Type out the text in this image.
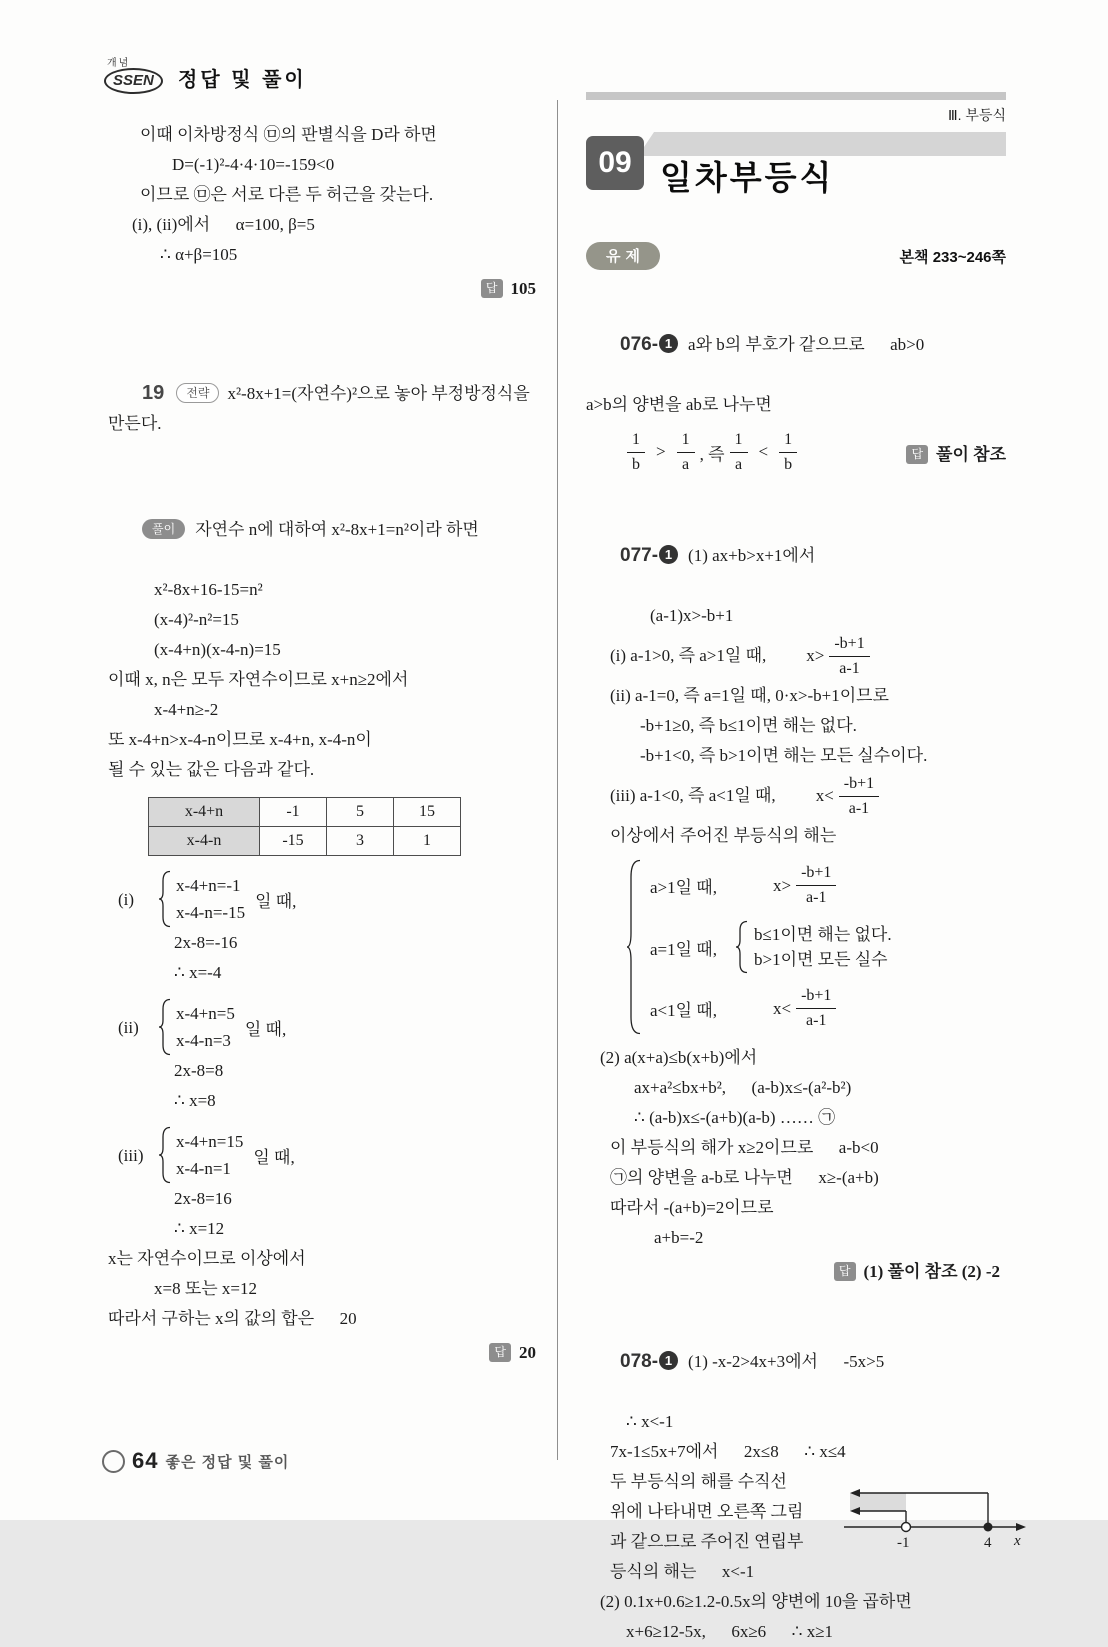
개념
SSEN	정답 및 풀이
이때 이차방정식 ㉤의 판별식을 D라 하면
D=(-1)²-4·4·10=-159<0
이므로 ㉤은 서로 다른 두 허근을 갖는다.
(i), (ii)에서      α=100, β=5
∴ α+β=105
답 105

19 전략 x²-8x+1=(자연수)²으로 놓아 부정방정식을 만든다.

풀이 자연수 n에 대하여 x²-8x+1=n²이라 하면

x²-8x+16-15=n²
(x-4)²-n²=15
(x-4+n)(x-4-n)=15
이때 x, n은 모두 자연수이므로 x+n≥2에서
x-4+n≥-2
또 x-4+n>x-4-n이므로 x-4+n, x-4-n이
될 수 있는 값은 다음과 같다.
x-4+n	-1	5	15
x-4-n	-15	3	1
(i)
x-4+n=-1
x-4-n=-15
일 때,
2x-8=-16
∴ x=-4
(ii)
x-4+n=5
x-4-n=3
일 때,
2x-8=8
∴ x=8
(iii)
x-4+n=15
x-4-n=1
일 때,
2x-8=16
∴ x=12
x는 자연수이므로 이상에서
x=8 또는 x=12
따라서 구하는 x의 값의 합은      20
답 20
Ⅲ. 부등식
09 일차부등식
유제	본책 233~246쪽

076- 1 a와 b의 부호가 같으므로      ab>0

a>b의 양변을 ab로 나누면
$\frac{1}{b} > \frac{1}{a}$ , 즉 $\frac{1}{a} < \frac{1}{b}$	답 풀이 참조

077- 1 (1) ax+b>x+1에서

(a-1)x>-b+1
(i) a-1>0, 즉 a>1일 때, $x> \frac{-b+1}{a-1}$
(ii) a-1=0, 즉 a=1일 때, 0·x>-b+1이므로
-b+1≥0, 즉 b≤1이면 해는 없다.
-b+1<0, 즉 b>1이면 해는 모든 실수이다.
(iii) a-1<0, 즉 a<1일 때, $x< \frac{-b+1}{a-1}$
이상에서 주어진 부등식의 해는
a>1일 때,	$x> \frac{-b+1}{a-1}$
a=1일 때,
b≤1이면 해는 없다.
b>1이면 모든 실수
a<1일 때,	$x< \frac{-b+1}{a-1}$
(2) a(x+a)≤b(x+b)에서
ax+a²≤bx+b²,      (a-b)x≤-(a²-b²)
∴ (a-b)x≤-(a+b)(a-b) …… ㉠
이 부등식의 해가 x≥2이므로      a-b<0
㉠의 양변을 a-b로 나누면      x≥-(a+b)
따라서 -(a+b)=2이므로
a+b=-2
답 (1) 풀이 참조 (2) -2

078- 1 (1) -x-2>4x+3에서      -5x>5

∴ x<-1
7x-1≤5x+7에서      2x≤8      ∴ x≤4
두 부등식의 해를 수직선
위에 나타내면 오른쪽 그림
과 같으므로 주어진 연립부
등식의 해는      x<-1
-1	4 x
(2) 0.1x+0.6≥1.2-0.5x의 양변에 10을 곱하면
x+6≥12-5x,      6x≥6      ∴ x≥1
64 좋은 정답 및 풀이
